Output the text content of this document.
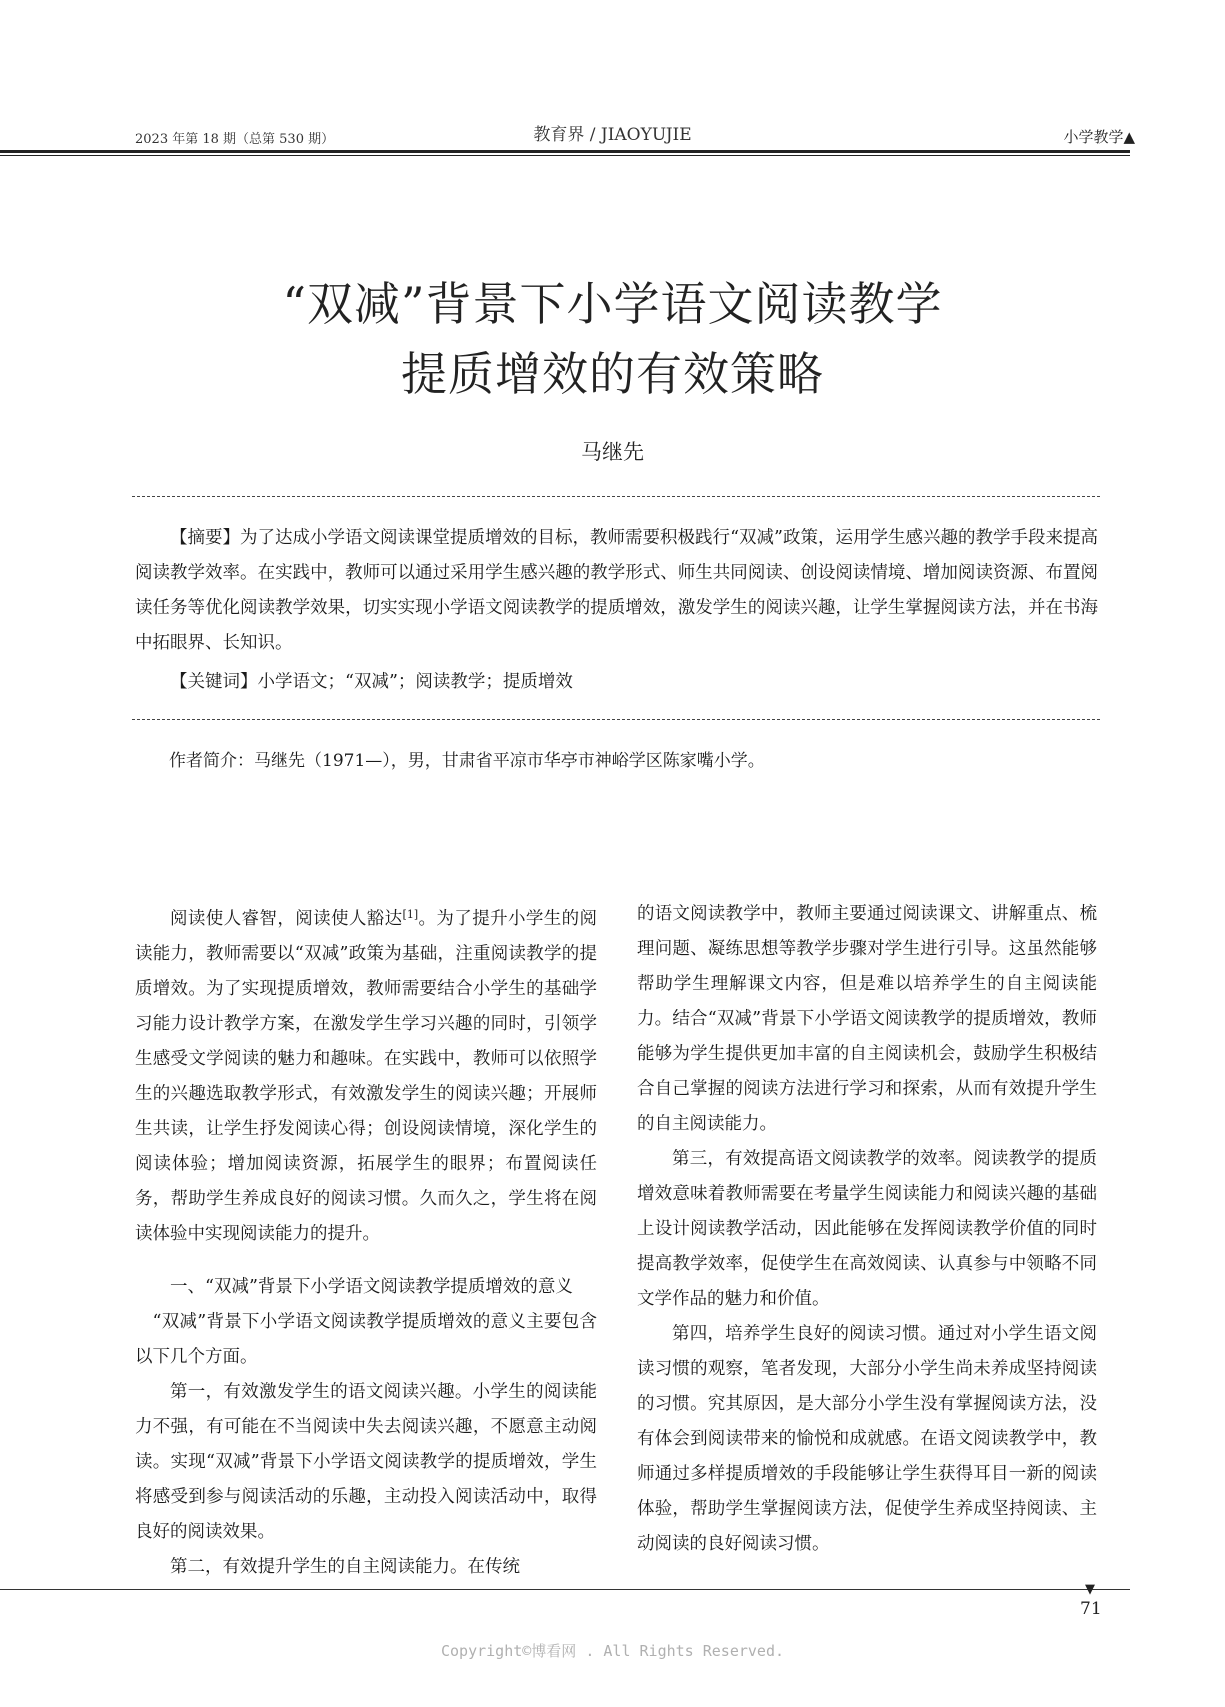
2023 年第 18 期（总第 530 期）	教育界 / JIAOYUJIE	小学教学▲
“双减”背景下小学语文阅读教学
提质增效的有效策略
马继先
【摘要】为了达成小学语文阅读课堂提质增效的目标，教师需要积极践行“双减”政策，运用学生感兴趣的教学手段来提高阅读教学效率。在实践中，教师可以通过采用学生感兴趣的教学形式、师生共同阅读、创设阅读情境、增加阅读资源、布置阅读任务等优化阅读教学效果，切实实现小学语文阅读教学的提质增效，激发学生的阅读兴趣，让学生掌握阅读方法，并在书海中拓眼界、长知识。
【关键词】小学语文；“双减”；阅读教学；提质增效
作者简介：马继先（1971—），男，甘肃省平凉市华亭市神峪学区陈家嘴小学。

阅读使人睿智，阅读使人豁达[1]。为了提升小学生的阅读能力，教师需要以“双减”政策为基础，注重阅读教学的提质增效。为了实现提质增效，教师需要结合小学生的基础学习能力设计教学方案，在激发学生学习兴趣的同时，引领学生感受文学阅读的魅力和趣味。在实践中，教师可以依照学生的兴趣选取教学形式，有效激发学生的阅读兴趣；开展师生共读，让学生抒发阅读心得；创设阅读情境，深化学生的阅读体验；增加阅读资源，拓展学生的眼界；布置阅读任务，帮助学生养成良好的阅读习惯。久而久之，学生将在阅读体验中实现阅读能力的提升。

一、“双减”背景下小学语文阅读教学提质增效的意义

“双减”背景下小学语文阅读教学提质增效的意义主要包含以下几个方面。

第一，有效激发学生的语文阅读兴趣。小学生的阅读能力不强，有可能在不当阅读中失去阅读兴趣，不愿意主动阅读。实现“双减”背景下小学语文阅读教学的提质增效，学生将感受到参与阅读活动的乐趣，主动投入阅读活动中，取得良好的阅读效果。

第二，有效提升学生的自主阅读能力。在传统

的语文阅读教学中，教师主要通过阅读课文、讲解重点、梳理问题、凝练思想等教学步骤对学生进行引导。这虽然能够帮助学生理解课文内容，但是难以培养学生的自主阅读能力。结合“双减”背景下小学语文阅读教学的提质增效，教师能够为学生提供更加丰富的自主阅读机会，鼓励学生积极结合自己掌握的阅读方法进行学习和探索，从而有效提升学生的自主阅读能力。

第三，有效提高语文阅读教学的效率。阅读教学的提质增效意味着教师需要在考量学生阅读能力和阅读兴趣的基础上设计阅读教学活动，因此能够在发挥阅读教学价值的同时提高教学效率，促使学生在高效阅读、认真参与中领略不同文学作品的魅力和价值。

第四，培养学生良好的阅读习惯。通过对小学生语文阅读习惯的观察，笔者发现，大部分小学生尚未养成坚持阅读的习惯。究其原因，是大部分小学生没有掌握阅读方法，没有体会到阅读带来的愉悦和成就感。在语文阅读教学中，教师通过多样提质增效的手段能够让学生获得耳目一新的阅读体验，帮助学生掌握阅读方法，促使学生养成坚持阅读、主动阅读的良好阅读习惯。

▼
71
Copyright©博看网 . All Rights Reserved.
